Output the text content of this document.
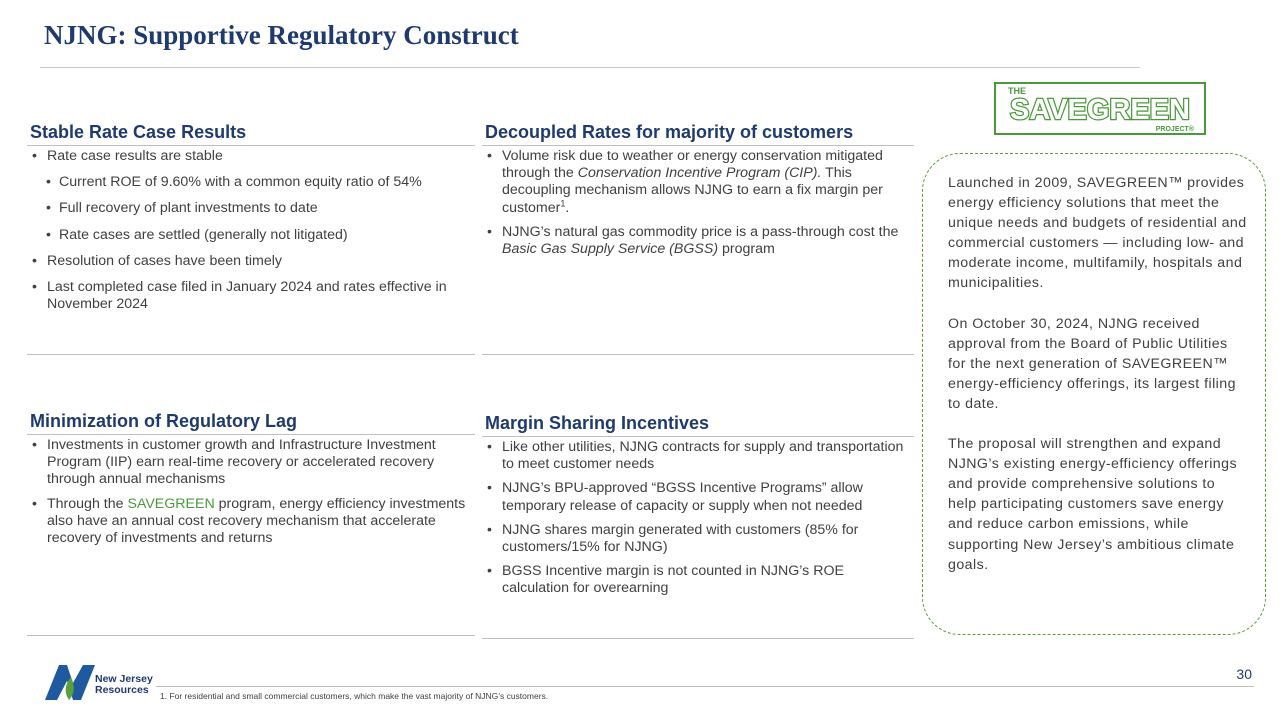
NJNG: Supportive Regulatory Construct
Stable Rate Case Results
• Rate case results are stable
• Current ROE of 9.60% with a common equity ratio of 54%
• Full recovery of plant investments to date
• Rate cases are settled (generally not litigated)
• Resolution of cases have been timely
• Last completed case filed in January 2024 and rates effective in November 2024
Decoupled Rates for majority of customers
• Volume risk due to weather or energy conservation mitigated through the Conservation Incentive Program (CIP). This decoupling mechanism allows NJNG to earn a fix margin per customer$^1$.
• NJNG’s natural gas commodity price is a pass-through cost the Basic Gas Supply Service (BGSS) program
Minimization of Regulatory Lag
• Investments in customer growth and Infrastructure Investment Program (IIP) earn real-time recovery or accelerated recovery through annual mechanisms
• Through the SAVEGREEN program, energy efficiency investments also have an annual cost recovery mechanism that accelerate recovery of investments and returns
Margin Sharing Incentives
• Like other utilities, NJNG contracts for supply and transportation to meet customer needs
• NJNG’s BPU-approved “BGSS Incentive Programs” allow temporary release of capacity or supply when not needed
• NJNG shares margin generated with customers (85% for customers/15% for NJNG)
• BGSS Incentive margin is not counted in NJNG’s ROE calculation for overearning
THE
SAVEGREEN
PROJECT®

Launched in 2009, SAVEGREEN™ provides energy efficiency solutions that meet the unique needs and budgets of residential and commercial customers — including low- and moderate income, multifamily, hospitals and municipalities.

On October 30, 2024, NJNG received approval from the Board of Public Utilities for the next generation of SAVEGREEN™ energy-efficiency offerings, its largest filing to date.

The proposal will strengthen and expand NJNG’s existing energy-efficiency offerings and provide comprehensive solutions to help participating customers save energy and reduce carbon emissions, while supporting New Jersey’s ambitious climate goals.

New Jersey
Resources
30
1. For residential and small commercial customers, which make the vast majority of NJNG’s customers.
